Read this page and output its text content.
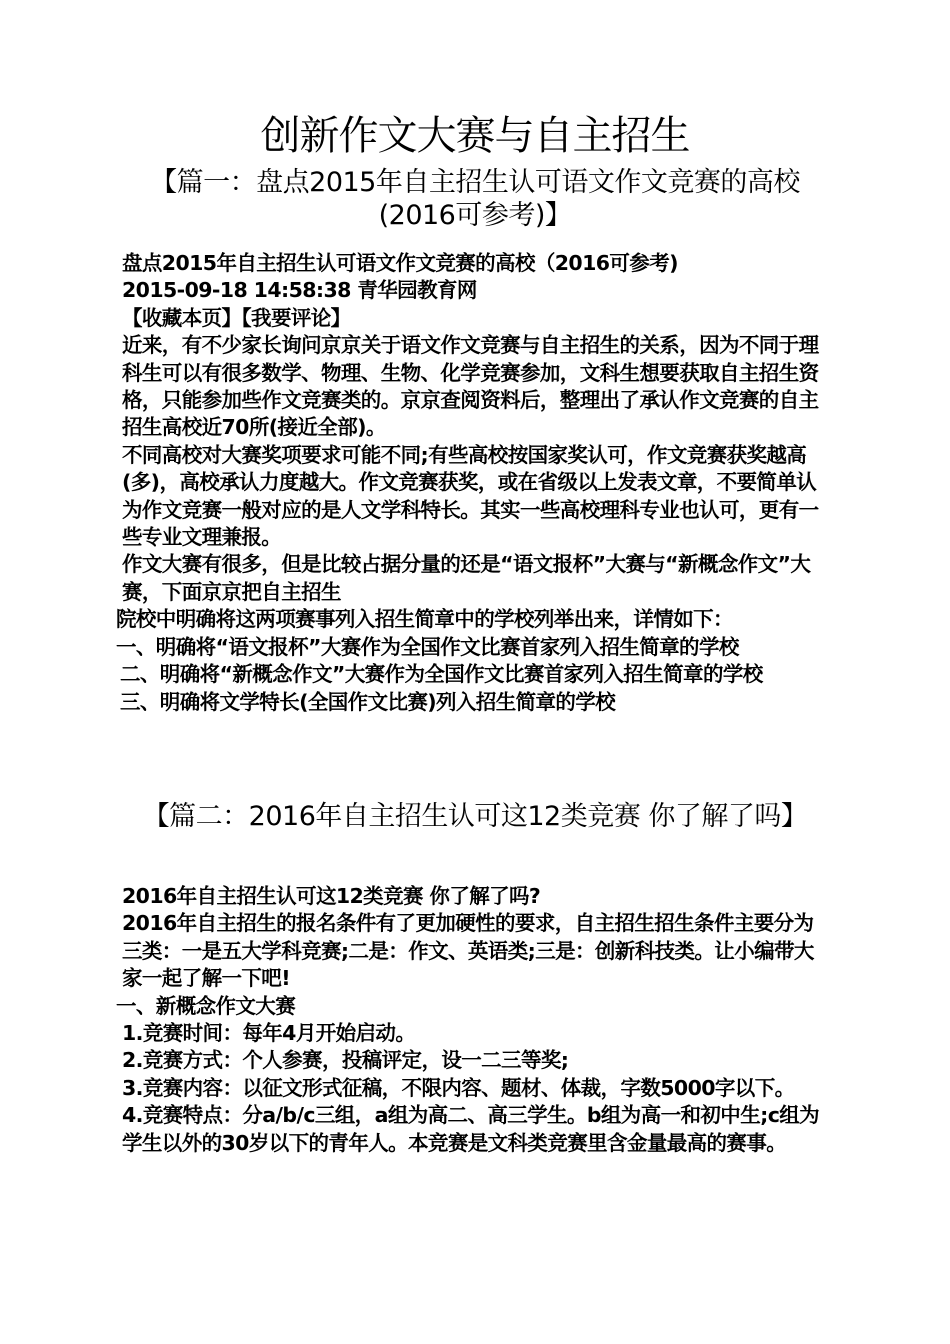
创新作文大赛与自主招生
【篇一：盘点2015年自主招生认可语文作文竞赛的高校(2016可参考)】

盘点2015年自主招生认可语文作文竞赛的高校（2016可参考)

2015-09-18 14:58:38 青华园教育网

【收藏本页】【我要评论】

近来，有不少家长询问京京关于语文作文竞赛与自主招生的关系，因为不同于理科生可以有很多数学、物理、生物、化学竞赛参加，文科生想要获取自主招生资格，只能参加些作文竞赛类的。京京查阅资料后，整理出了承认作文竞赛的自主招生高校近70所(接近全部)。

不同高校对大赛奖项要求可能不同;有些高校按国家奖认可，作文竞赛获奖越高(多)，高校承认力度越大。作文竞赛获奖，或在省级以上发表文章，不要简单认为作文竞赛一般对应的是人文学科特长。其实一些高校理科专业也认可，更有一些专业文理兼报。

作文大赛有很多，但是比较占据分量的还是“语文报杯”大赛与“新概念作文”大赛，下面京京把自主招生

院校中明确将这两项赛事列入招生简章中的学校列举出来，详情如下：

一、明确将“语文报杯”大赛作为全国作文比赛首家列入招生简章的学校

二、明确将“新概念作文”大赛作为全国作文比赛首家列入招生简章的学校

三、明确将文学特长(全国作文比赛)列入招生简章的学校

【篇二：2016年自主招生认可这12类竞赛 你了解了吗】

2016年自主招生认可这12类竞赛 你了解了吗?

2016年自主招生的报名条件有了更加硬性的要求，自主招生招生条件主要分为三类：一是五大学科竞赛;二是：作文、英语类;三是：创新科技类。让小编带大家一起了解一下吧!

一、新概念作文大赛

1.竞赛时间：每年4月开始启动。

2.竞赛方式：个人参赛，投稿评定，设一二三等奖;

3.竞赛内容：以征文形式征稿，不限内容、题材、体裁，字数5000字以下。

4.竞赛特点：分a/b/c三组，a组为高二、高三学生。b组为高一和初中生;c组为学生以外的30岁以下的青年人。本竞赛是文科类竞赛里含金量最高的赛事。
